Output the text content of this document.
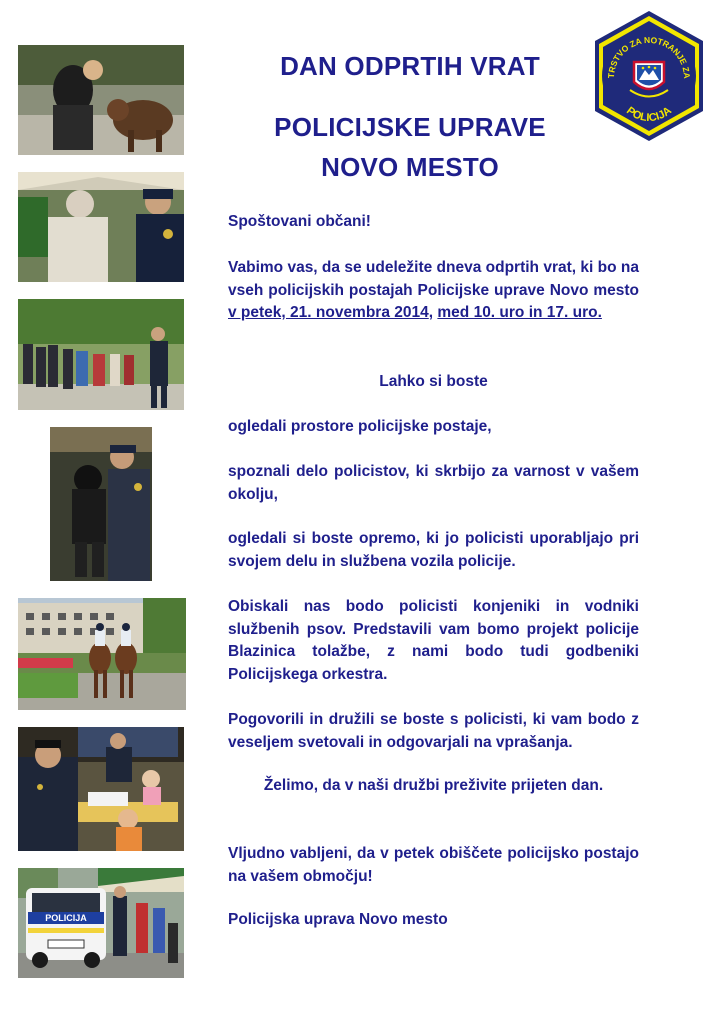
POLICIJA
TRSTVO ZA NOTRANJE ZA
POLICIJA
DAN ODPRTIH VRAT
POLICIJSKE UPRAVE
NOVO MESTO
Spoštovani občani!
Vabimo vas, da se udeležite dneva odprtih vrat, ki bo na vseh policijskih postajah Policijske uprave Novo mesto v petek, 21. novembra 2014, med 10. uro in 17. uro.
Lahko si boste
ogledali prostore policijske postaje,
spoznali delo policistov, ki skrbijo za varnost v vašem okolju,
ogledali si boste opremo, ki jo policisti uporabljajo pri svojem delu in službena vozila policije.
Obiskali nas bodo policisti konjeniki in vodniki službenih psov. Predstavili vam bomo projekt policije Blazinica tolažbe, z nami bodo tudi godbeniki Policijskega orkestra.
Pogovorili in družili se boste s policisti, ki vam bodo z veseljem svetovali in odgovarjali na vprašanja.
Želimo, da v naši družbi preživite prijeten dan.
Vljudno vabljeni, da v petek obiščete policijsko postajo na vašem območju!
Policijska uprava Novo mesto
